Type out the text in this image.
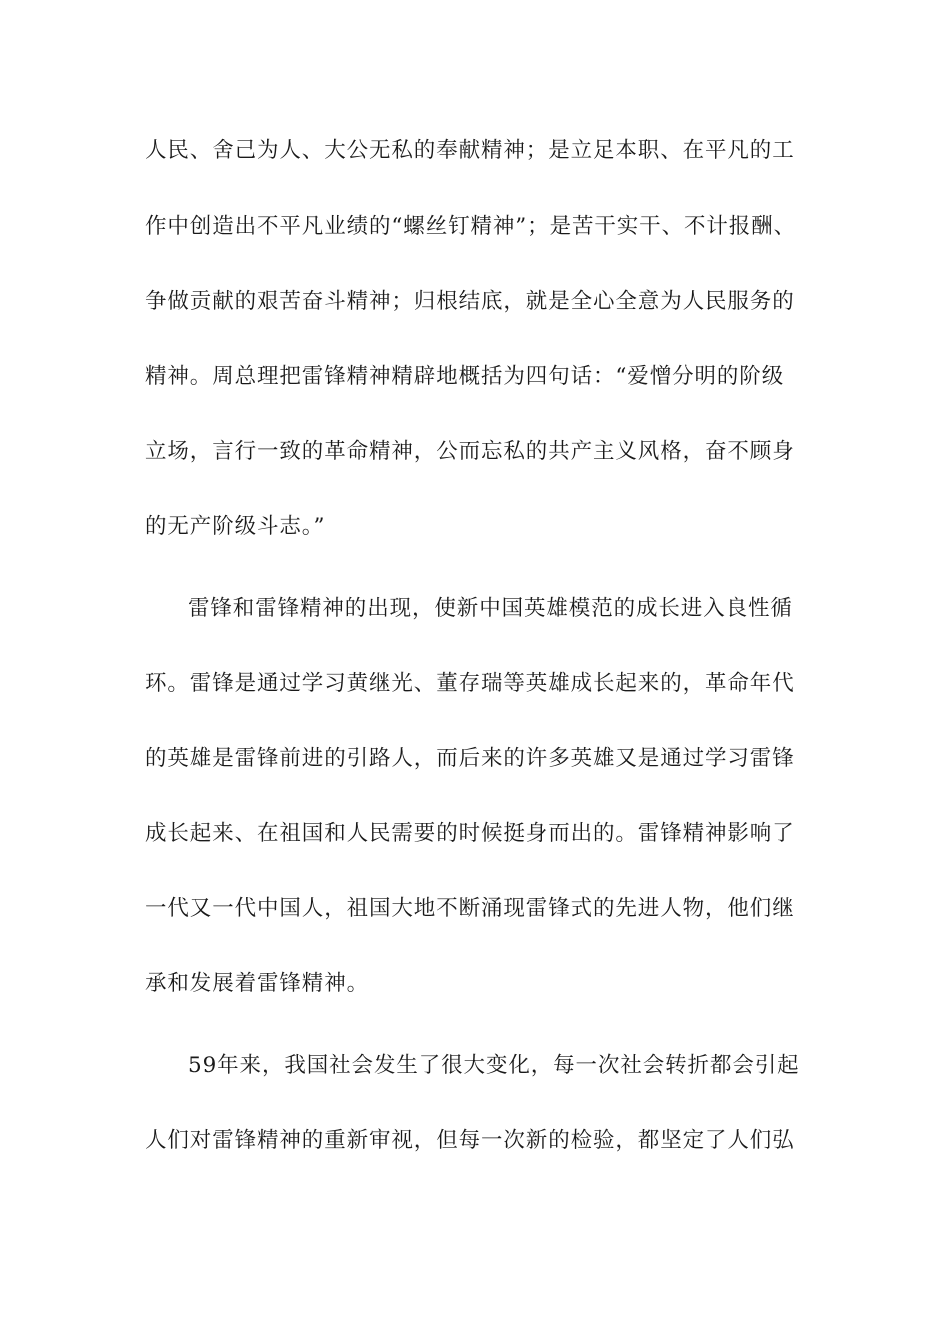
人民、舍己为人、大公无私的奉献精神；是立足本职、在平凡的工
作中创造出不平凡业绩的“螺丝钉精神”；是苦干实干、不计报酬、
争做贡献的艰苦奋斗精神；归根结底，就是全心全意为人民服务的
精神。周总理把雷锋精神精辟地概括为四句话：“爱憎分明的阶级
立场，言行一致的革命精神，公而忘私的共产主义风格，奋不顾身
的无产阶级斗志。”
雷锋和雷锋精神的出现，使新中国英雄模范的成长进入良性循
环。雷锋是通过学习黄继光、董存瑞等英雄成长起来的，革命年代
的英雄是雷锋前进的引路人，而后来的许多英雄又是通过学习雷锋
成长起来、在祖国和人民需要的时候挺身而出的。雷锋精神影响了
一代又一代中国人，祖国大地不断涌现雷锋式的先进人物，他们继
承和发展着雷锋精神。
59年来，我国社会发生了很大变化，每一次社会转折都会引起
人们对雷锋精神的重新审视，但每一次新的检验，都坚定了人们弘
